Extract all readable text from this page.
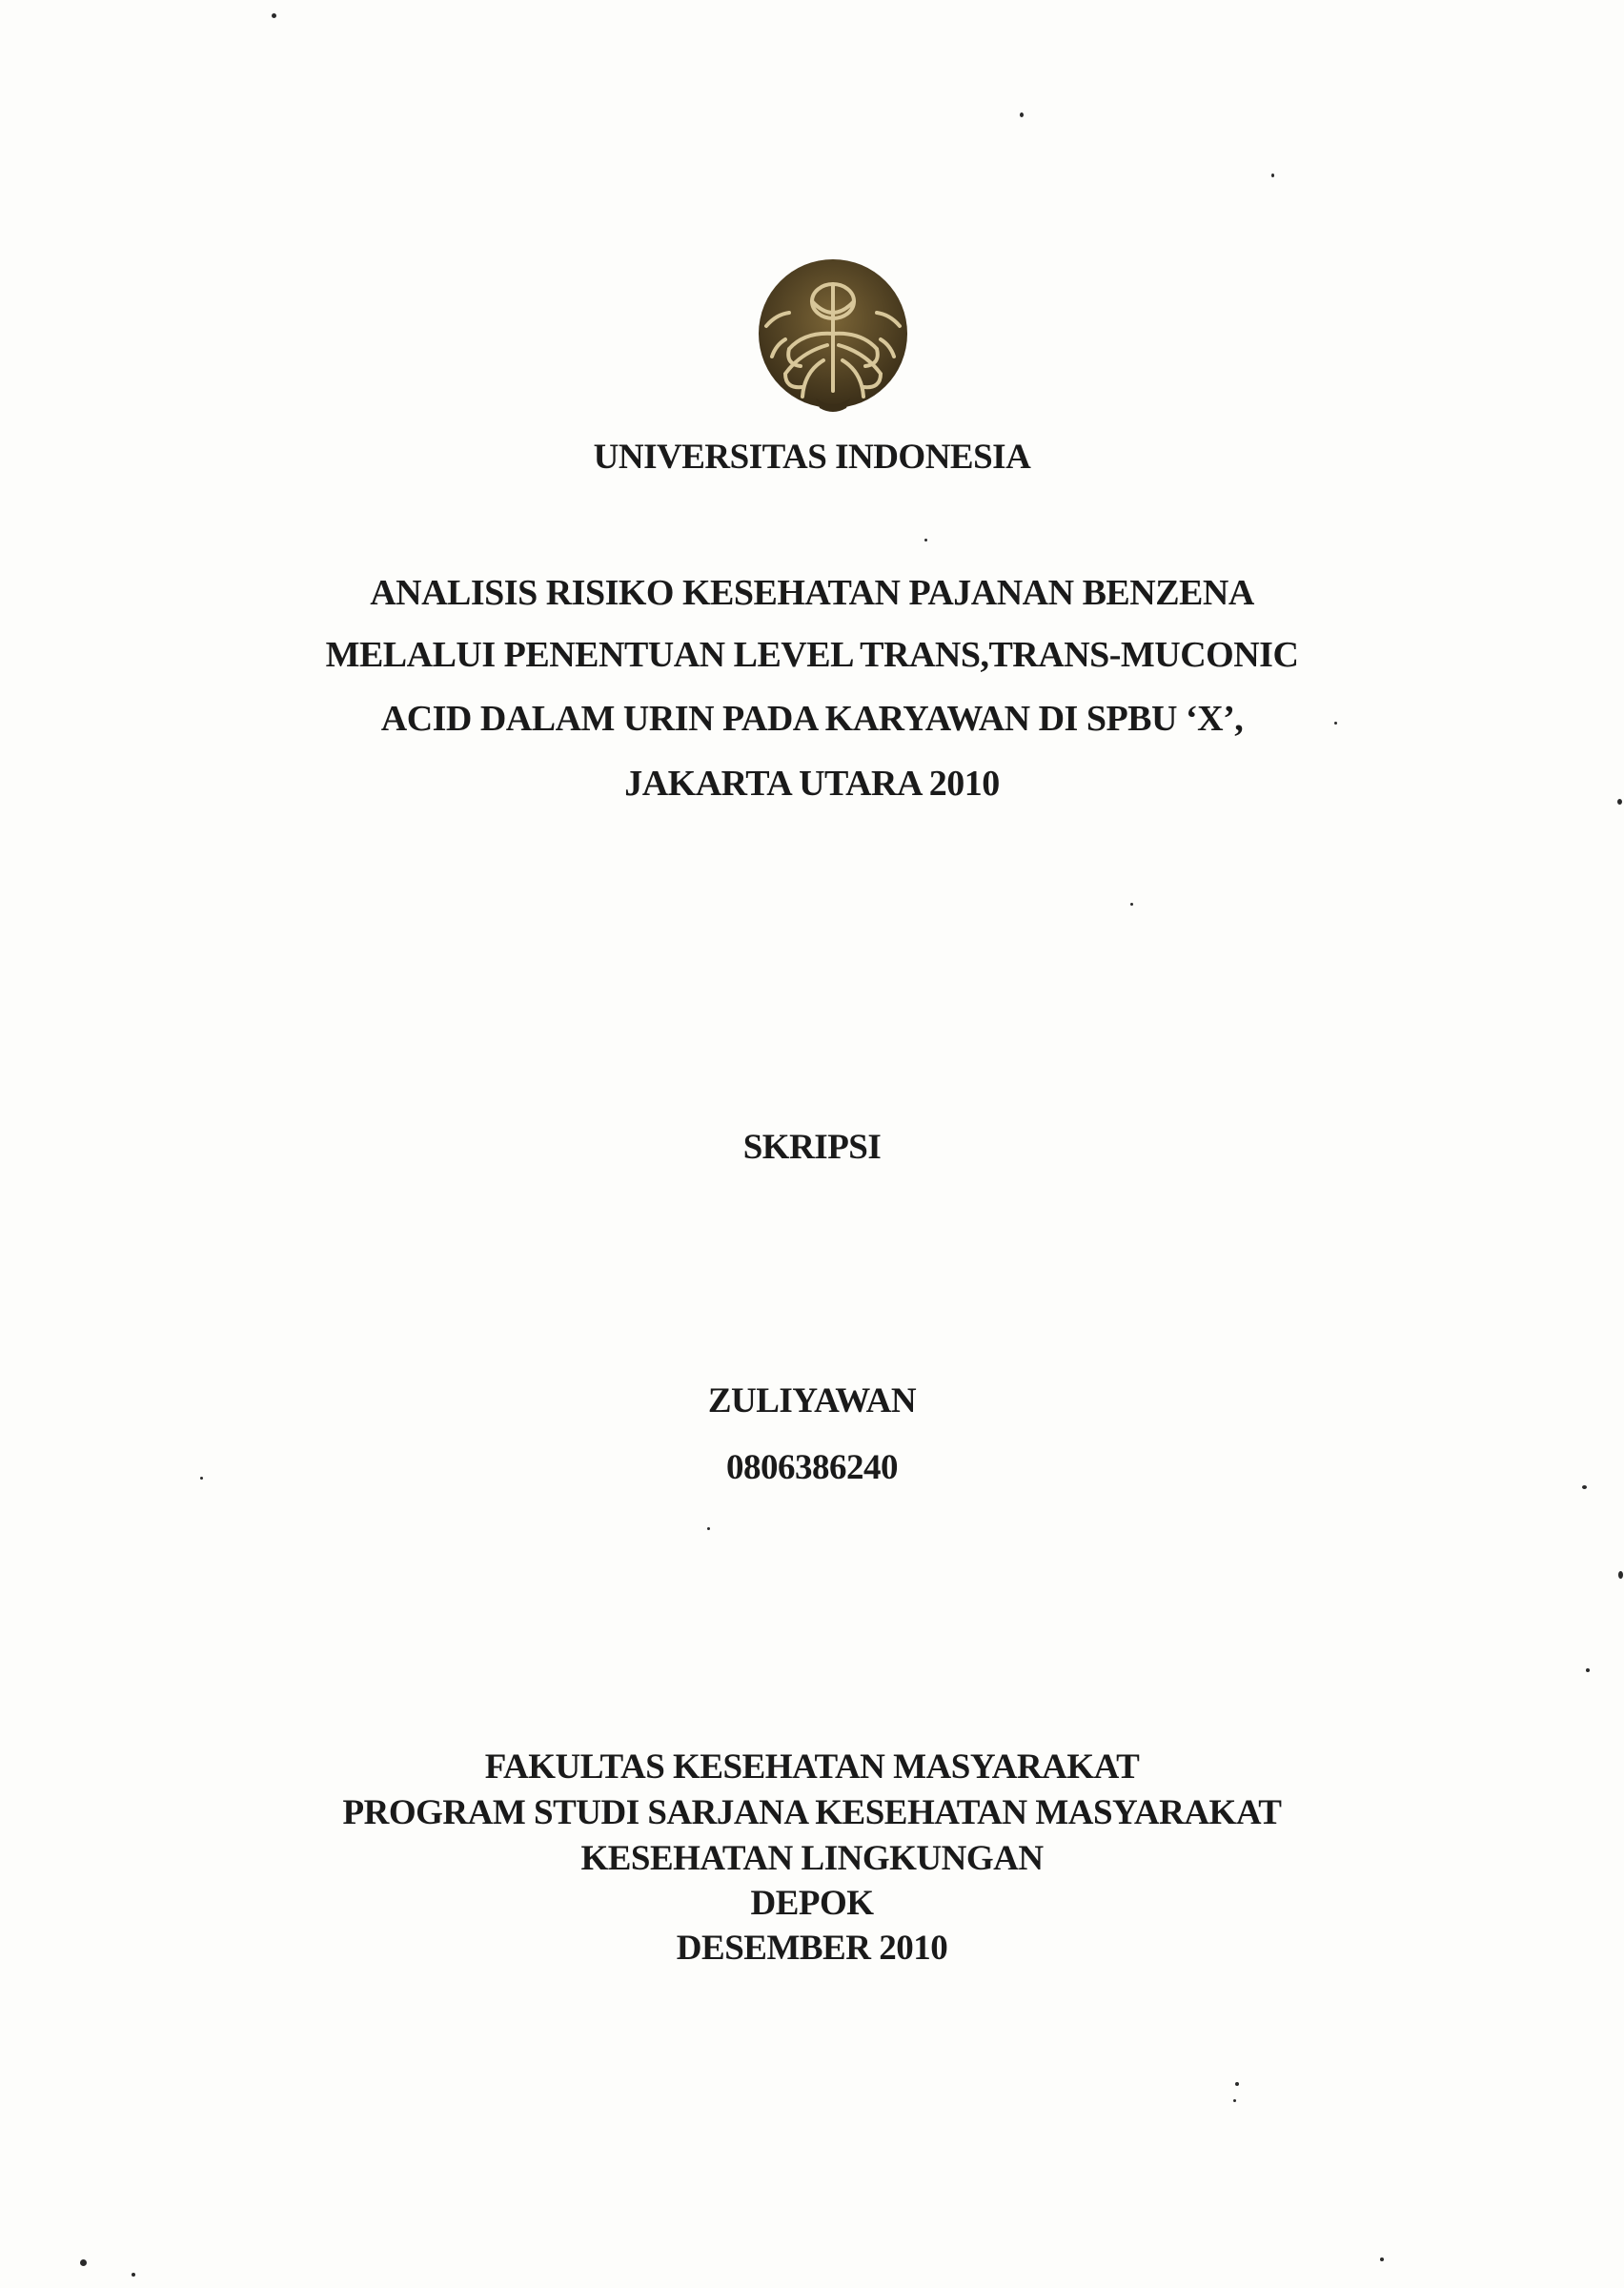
UNIVERSITAS INDONESIA
ANALISIS RISIKO KESEHATAN PAJANAN BENZENA
MELALUI PENENTUAN LEVEL TRANS,TRANS-MUCONIC
ACID DALAM URIN PADA KARYAWAN DI SPBU ‘X’,
JAKARTA UTARA 2010
SKRIPSI
ZULIYAWAN
0806386240
FAKULTAS KESEHATAN MASYARAKAT
PROGRAM STUDI SARJANA KESEHATAN MASYARAKAT
KESEHATAN LINGKUNGAN
DEPOK
DESEMBER 2010
